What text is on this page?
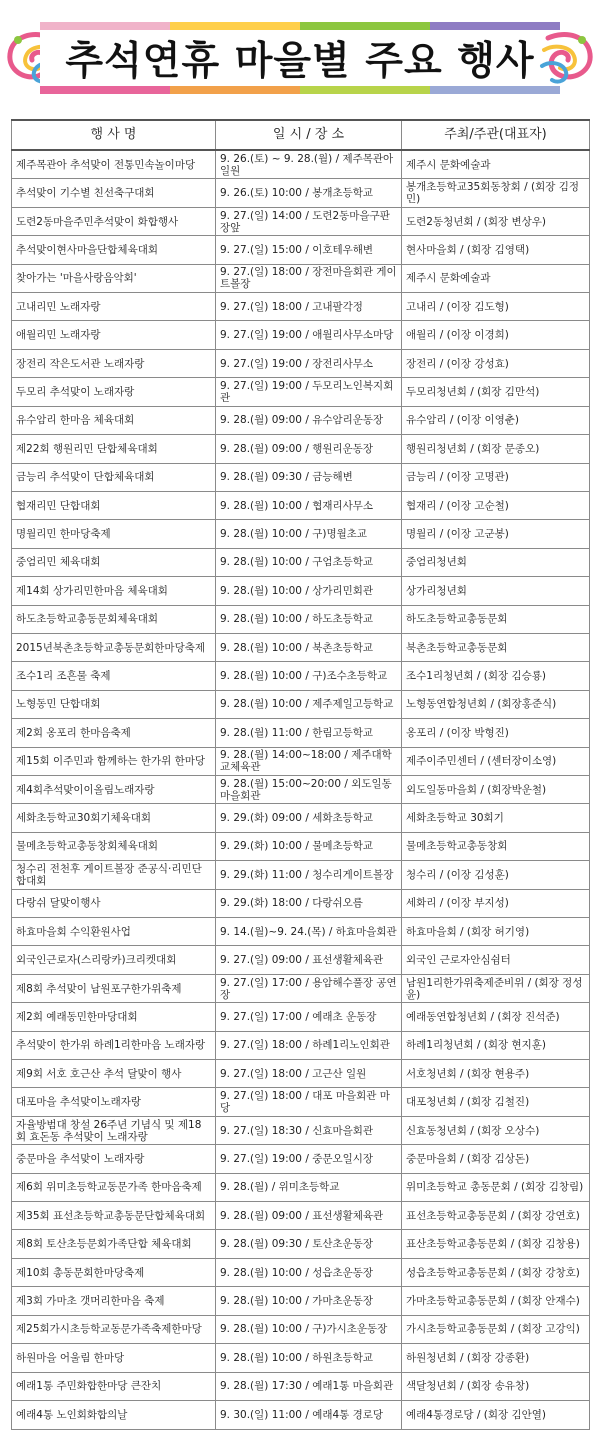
추석연휴 마을별 주요 행사
행 사 명	일 시 / 장 소	주최/주관(대표자)
제주목관아 추석맞이 전통민속놀이마당	9. 26.(토) ~ 9. 28.(월) / 제주목관아일원	제주시 문화예술과
추석맞이 기수별 친선축구대회	9. 26.(토) 10:00 / 봉개초등학교	봉개초등학교35회동창회 / (회장 김정민)
도련2동마을주민추석맞이 화합행사	9. 27.(일) 14:00 / 도련2동마을구판장앞	도련2동청년회 / (회장 변상우)
추석맞이현사마을단합체육대회	9. 27.(일) 15:00 / 이호테우해변	현사마을회 / (회장 김영택)
찾아가는 '마을사랑음악회'	9. 27.(일) 18:00 / 장전마을회관 게이트볼장	제주시 문화예술과
고내리민 노래자랑	9. 27.(일) 18:00 / 고내팔각정	고내리 / (이장 김도형)
애월리민 노래자랑	9. 27.(일) 19:00 / 애월리사무소마당	애월리 / (이장 이경희)
장전리 작은도서관 노래자랑	9. 27.(일) 19:00 / 장전리사무소	장전리 / (이장 강성효)
두모리 추석맞이 노래자랑	9. 27.(일) 19:00 / 두모리노인복지회관	두모리청년회 / (회장 김만석)
유수암리 한마음 체육대회	9. 28.(월) 09:00 / 유수암리운동장	유수암리 / (이장 이영춘)
제22회 행원리민 단합체육대회	9. 28.(월) 09:00 / 행원리운동장	행원리청년회 / (회장 문종오)
금능리 추석맞이 단합체육대회	9. 28.(월) 09:30 / 금능해변	금능리 / (이장 고명관)
협재리민 단합대회	9. 28.(월) 10:00 / 협재리사무소	협재리 / (이장 고순철)
명월리민 한마당축제	9. 28.(월) 10:00 / 구)명월초교	명월리 / (이장 고군봉)
중엄리민 체육대회	9. 28.(월) 10:00 / 구엄초등학교	중엄리청년회
제14회 상가리민한마음 체육대회	9. 28.(월) 10:00 / 상가리민회관	상가리청년회
하도초등학교총동문회체육대회	9. 28.(월) 10:00 / 하도초등학교	하도초등학교총동문회
2015년북촌초등학교총동문회한마당축제	9. 28.(월) 10:00 / 북촌초등학교	북촌초등학교총동문회
조수1리 조흔물 축제	9. 28.(월) 10:00 / 구)조수초등학교	조수1리청년회 / (회장 김승룡)
노형동민 단합대회	9. 28.(월) 10:00 / 제주제일고등학교	노형동연합청년회 / (회장홍준식)
제2회 옹포리 한마음축제	9. 28.(월) 11:00 / 한림고등학교	옹포리 / (이장 박형진)
제15회 이주민과 함께하는 한가위 한마당	9. 28.(월) 14:00~18:00 / 제주대학교체육관	제주이주민센터 / (센터장이소영)
제4회추석맞이이올림노래자랑	9. 28.(월) 15:00~20:00 / 외도일동마을회관	외도일동마을회 / (회장박운철)
세화초등학교30회기체육대회	9. 29.(화) 09:00 / 세화초등학교	세화초등학교 30회기
물메초등학교총동창회체육대회	9. 29.(화) 10:00 / 물메초등학교	물메초등학교총동창회
청수리 전천후 게이트볼장 준공식·리민단합대회	9. 29.(화) 11:00 / 청수리게이트볼장	청수리 / (이장 김성훈)
다랑쉬 달맞이행사	9. 29.(화) 18:00 / 다랑쉬오름	세화리 / (이장 부지성)
하효마을회 수익환원사업	9. 14.(월)~9. 24.(목) / 하효마을회관	하효마을회 / (회장 허기영)
외국인근로자(스리랑카)크리켓대회	9. 27.(일) 09:00 / 표선생활체육관	외국인 근로자안심쉼터
제8회 추석맞이 남원포구한가위축제	9. 27.(일) 17:00 / 용암해수풀장 공연장	남원1리한가위축제준비위 / (회장 정성윤)
제2회 예래동민한마당대회	9. 27.(일) 17:00 / 예래초 운동장	예래동연합청년회 / (회장 진석준)
추석맞이 한가위 하례1리한마음 노래자랑	9. 27.(일) 18:00 / 하례1리노인회관	하례1리청년회 / (회장 현지훈)
제9회 서호 호근산 추석 달맞이 행사	9. 27.(일) 18:00 / 고근산 일원	서호청년회 / (회장 현용주)
대포마을 추석맞이노래자랑	9. 27.(일) 18:00 / 대포 마을회관 마당	대포청년회 / (회장 김철진)
자율방범대 창설 26주년 기념식 및 제18회 효돈동 추석맞이 노래자랑	9. 27.(일) 18:30 / 신효마을회관	신효동청년회 / (회장 오상수)
중문마을 추석맞이 노래자랑	9. 27.(일) 19:00 / 중문오일시장	중문마을회 / (회장 김상돈)
제6회 위미초등학교동문가족 한마음축제	9. 28.(월) / 위미초등학교	위미초등학교 총동문회 / (회장 김창림)
제35회 표선초등학교총동문단합체육대회	9. 28.(월) 09:00 / 표선생활체육관	표선초등학교총동문회 / (회장 강연호)
제8회 토산초등문회가족단합 체육대회	9. 28.(월) 09:30 / 토산초운동장	표산초등학교총동문회 / (회장 김창용)
제10회 총동문회한마당축제	9. 28.(월) 10:00 / 성읍초운동장	성읍초등학교총동문회 / (회장 강창호)
제3회 가마초 갯머리한마음 축제	9. 28.(월) 10:00 / 가마초운동장	가마초등학교총동문회 / (회장 안재수)
제25회가시초등학교동문가족축제한마당	9. 28.(월) 10:00 / 구)가시초운동장	가시초등학교총동문회 / (회장 고강익)
하원마을 어울림 한마당	9. 28.(월) 10:00 / 하원초등학교	하원청년회 / (회장 강종환)
예래1통 주민화합한마당 큰잔치	9. 28.(월) 17:30 / 예래1통 마을회관	색달청년회 / (회장 송유창)
예래4통 노인회화합의날	9. 30.(일) 11:00 / 예래4통 경로당	예래4통경로당 / (회장 김안열)
